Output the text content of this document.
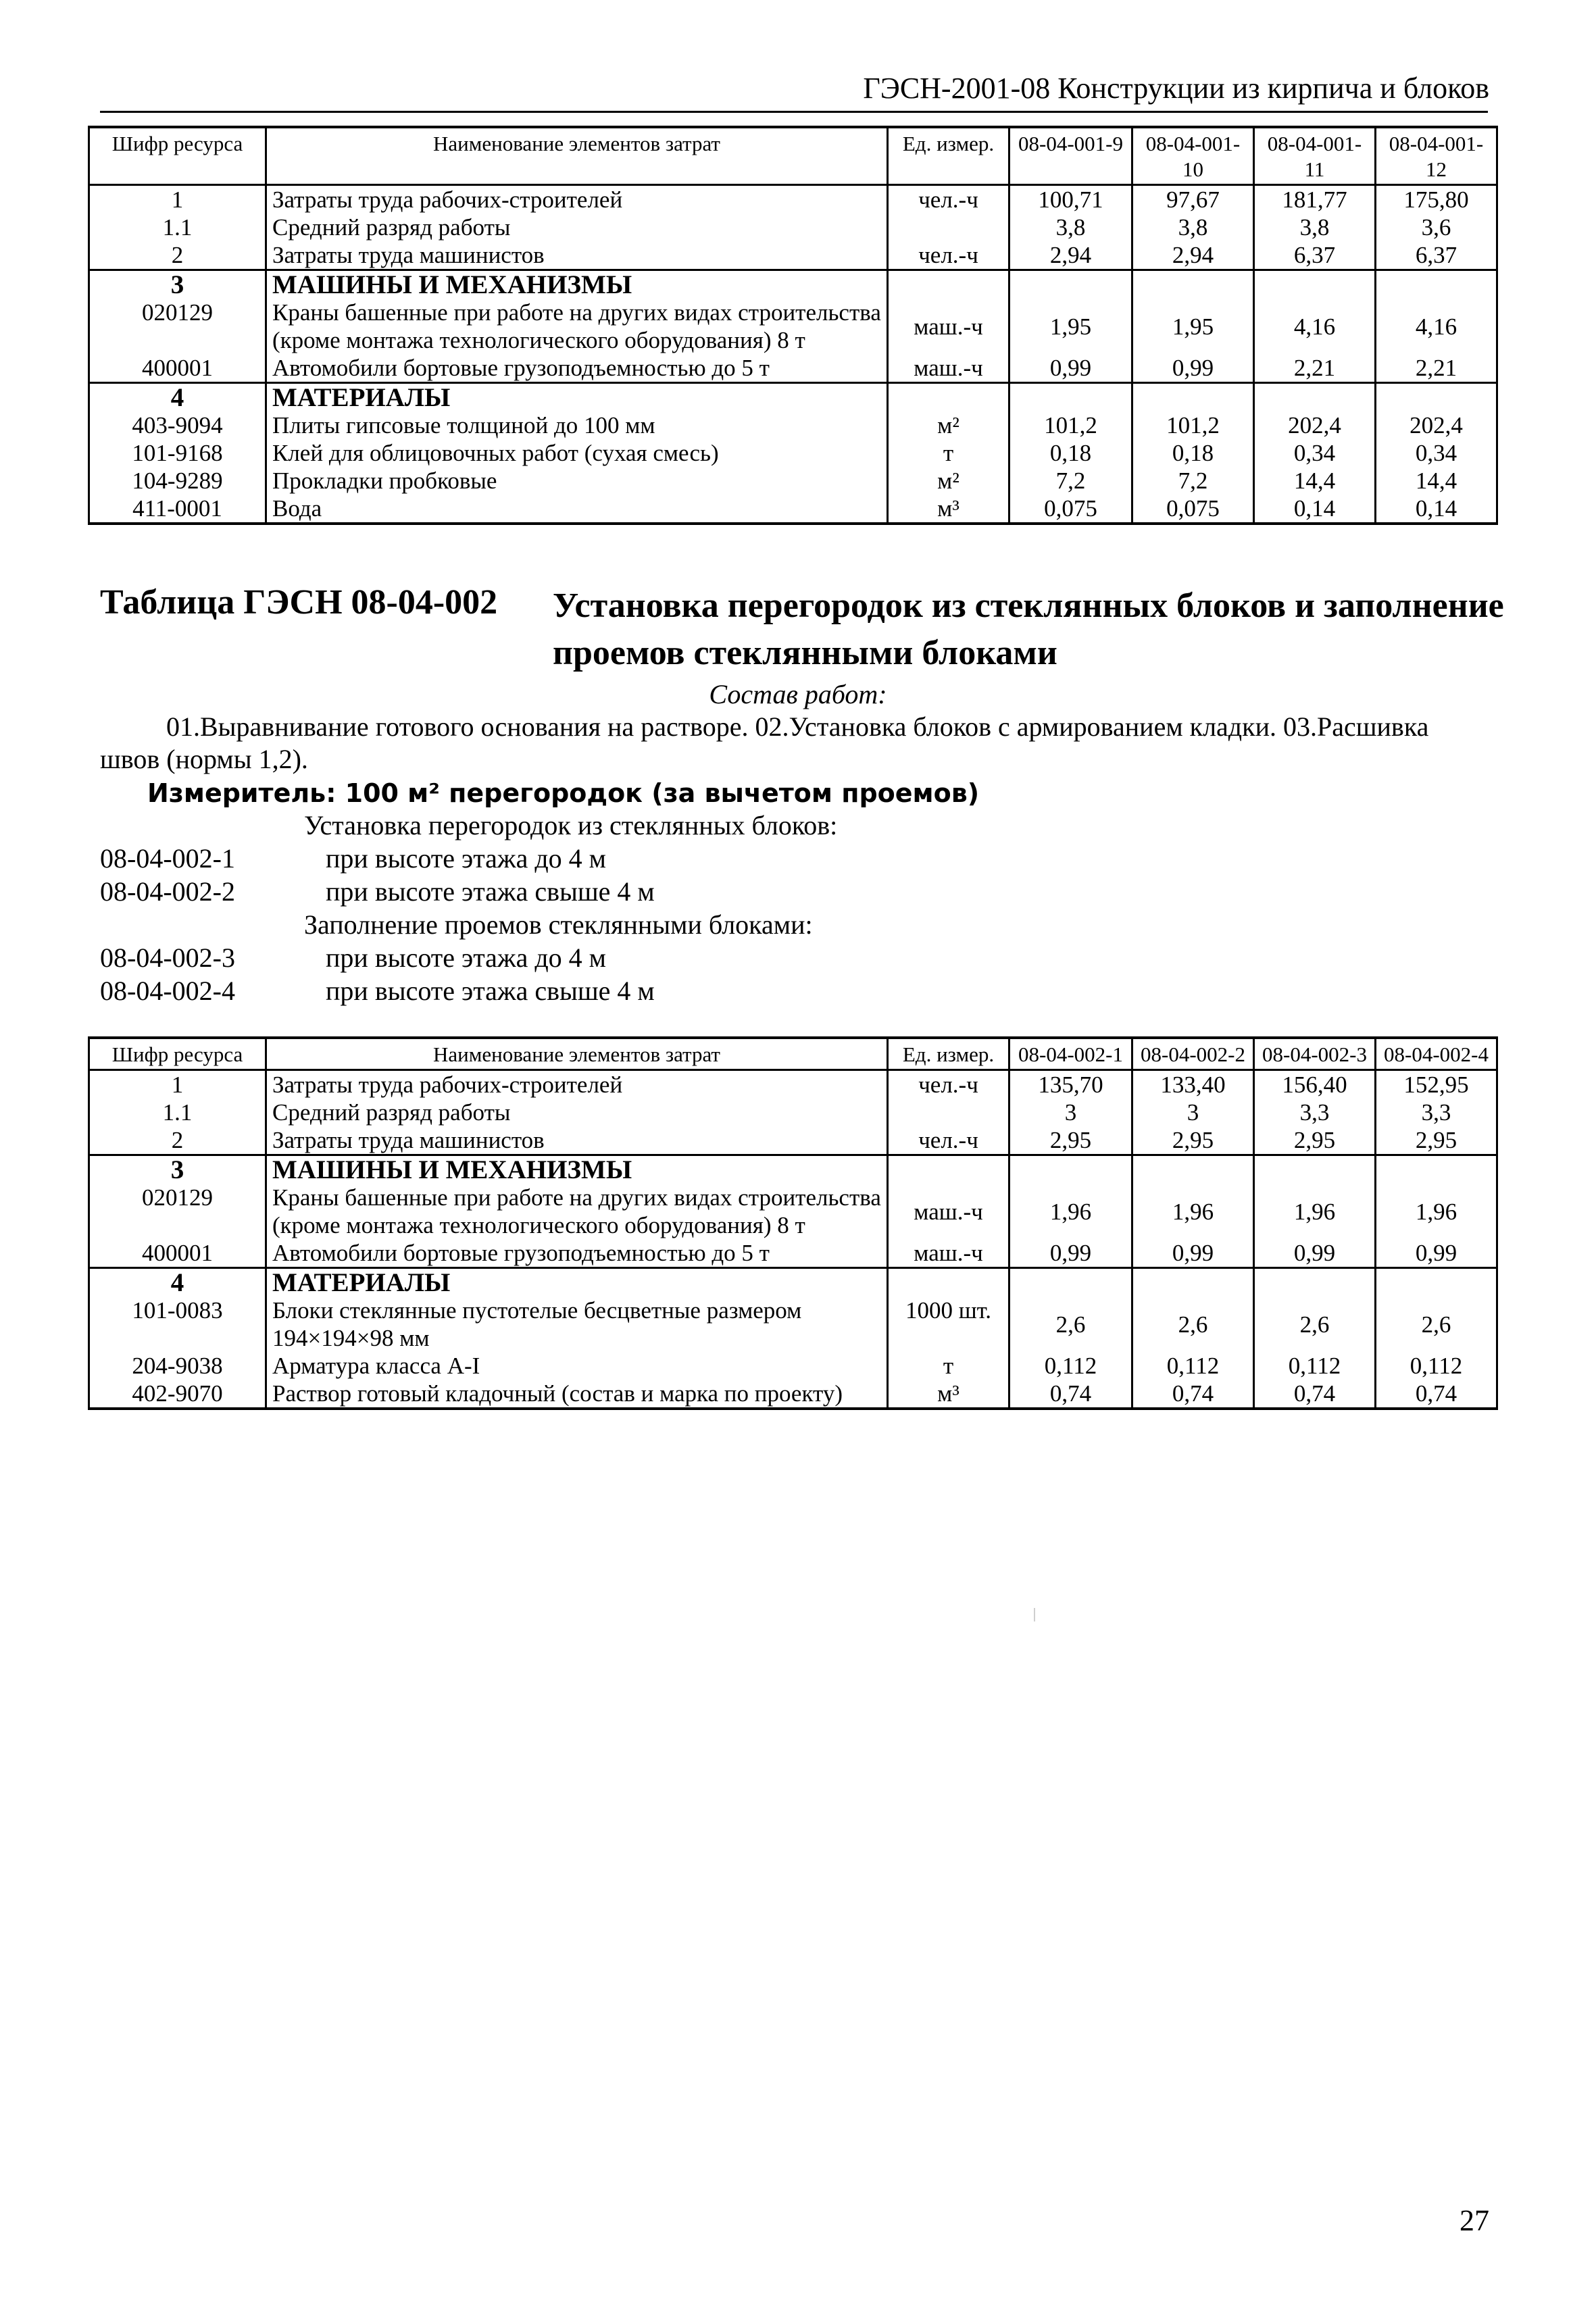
ГЭСН-2001-08 Конструкции из кирпича и блоков
Шифр ресурса	Наименование элементов затрат	Ед. измер.	08-04-001-9	08-04-001-10	08-04-001-11	08-04-001-12
1	Затраты труда рабочих-строителей	чел.-ч	100,71	97,67	181,77	175,80
1.1	Средний разряд работы		3,8	3,8	3,8	3,6
2	Затраты труда машинистов	чел.-ч	2,94	2,94	6,37	6,37
3	МАШИНЫ И МЕХАНИЗМЫ					
020129	Краны башенные при работе на других видах строительства (кроме монтажа технологического оборудования) 8 т	маш.-ч	1,95	1,95	4,16	4,16
400001	Автомобили бортовые грузоподъемностью до 5 т	маш.-ч	0,99	0,99	2,21	2,21
4	МАТЕРИАЛЫ					
403-9094	Плиты гипсовые толщиной до 100 мм	м²	101,2	101,2	202,4	202,4
101-9168	Клей для облицовочных работ (сухая смесь)	т	0,18	0,18	0,34	0,34
104-9289	Прокладки пробковые	м²	7,2	7,2	14,4	14,4
411-0001	Вода	м³	0,075	0,075	0,14	0,14
Таблица ГЭСН 08-04-002 Установка перегородок из стеклянных блоков и заполнение проемов стеклянными блоками
Состав работ:
01.Выравнивание готового основания на растворе. 02.Установка блоков с армированием кладки. 03.Расшивка швов (нормы 1,2).
Измеритель: 100 м² перегородок (за вычетом проемов)
Установка перегородок из стеклянных блоков:
08-04-002-1	при высоте этажа до 4 м
08-04-002-2	при высоте этажа свыше 4 м
Заполнение проемов стеклянными блоками:
08-04-002-3	при высоте этажа до 4 м
08-04-002-4	при высоте этажа свыше 4 м
Шифр ресурса	Наименование элементов затрат	Ед. измер.	08-04-002-1	08-04-002-2	08-04-002-3	08-04-002-4
1	Затраты труда рабочих-строителей	чел.-ч	135,70	133,40	156,40	152,95
1.1	Средний разряд работы		3	3	3,3	3,3
2	Затраты труда машинистов	чел.-ч	2,95	2,95	2,95	2,95
3	МАШИНЫ И МЕХАНИЗМЫ					
020129	Краны башенные при работе на других видах строительства (кроме монтажа технологического оборудования) 8 т	маш.-ч	1,96	1,96	1,96	1,96
400001	Автомобили бортовые грузоподъемностью до 5 т	маш.-ч	0,99	0,99	0,99	0,99
4	МАТЕРИАЛЫ					
101-0083	Блоки стеклянные пустотелые бесцветные размером 194×194×98 мм	1000 шт.	2,6	2,6	2,6	2,6
204-9038	Арматура класса А-I	т	0,112	0,112	0,112	0,112
402-9070	Раствор готовый кладочный (состав и марка по проекту)	м³	0,74	0,74	0,74	0,74
27
